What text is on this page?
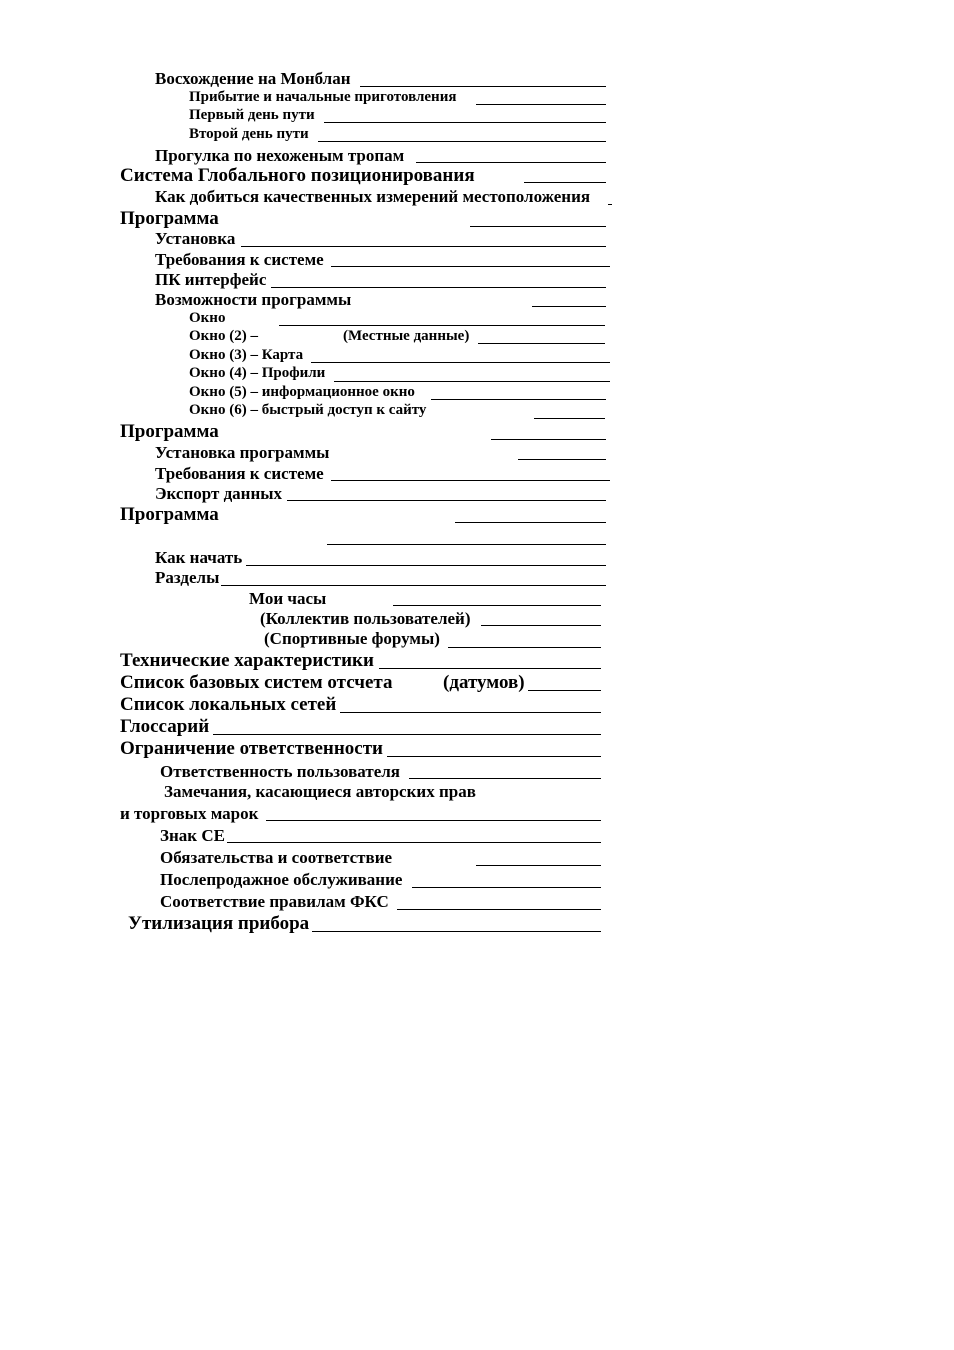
Восхождение на Монблан
Прибытие и начальные приготовления
Первый день пути
Второй день пути
Прогулка по нехоженым тропам
Система Глобального позиционирования
Как добиться качественных измерений местоположения
Программа
Установка
Требования к системе
ПК интерфейс
Возможности программы
Окно
Окно (2) –	(Местные данные)
Окно (3) – Карта
Окно (4) – Профили
Окно (5) – информационное окно
Окно (6) – быстрый доступ к сайту
Программа
Установка программы
Требования к системе
Экспорт данных
Программа
Как начать
Разделы
Мои часы
(Коллектив пользователей)
(Спортивные форумы)
Технические характеристики
Список базовых систем отсчета	(датумов)
Список локальных сетей
Глоссарий
Ограничение ответственности
Ответственность пользователя
Замечания, касающиеся авторских прав
и торговых марок
Знак СЕ
Обязательства и соответствие
Послепродажное обслуживание
Соответствие правилам ФКС
Утилизация прибора
